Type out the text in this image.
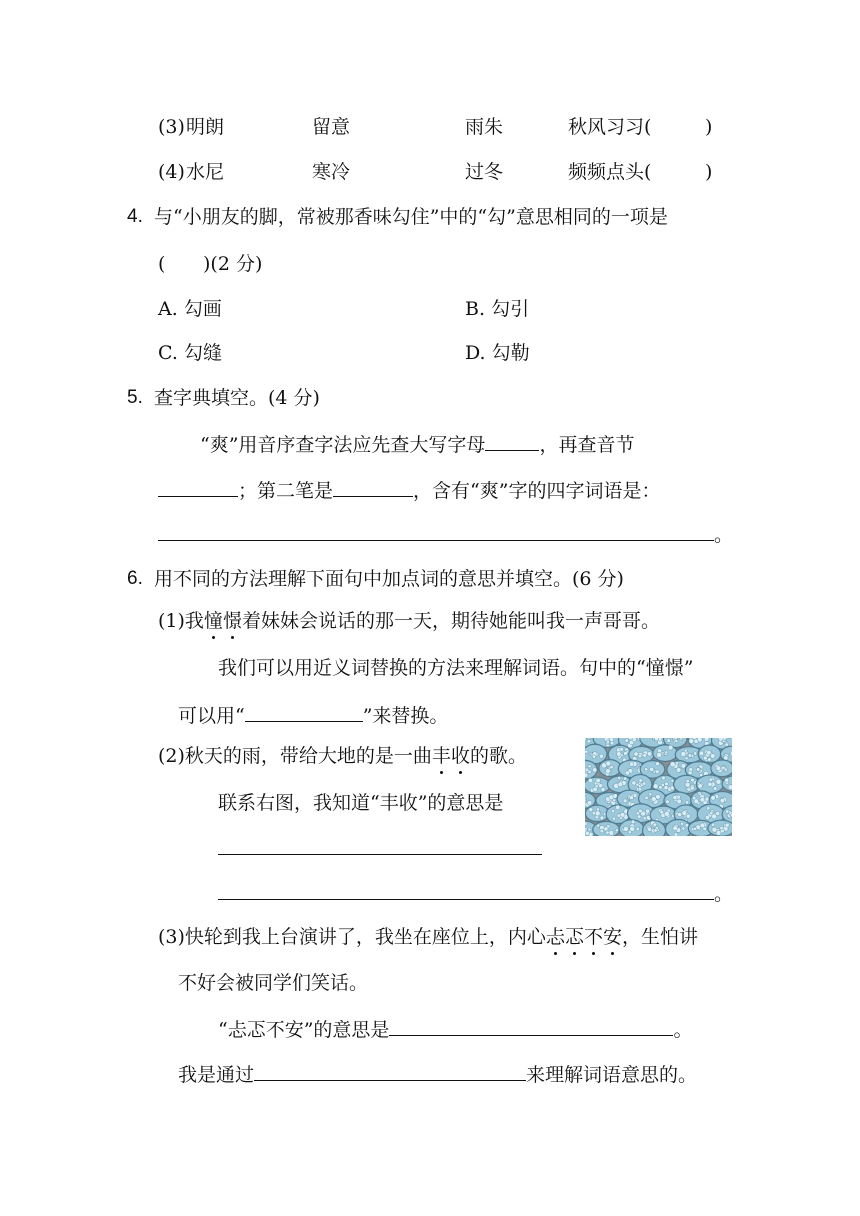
(3) 明朗	留意	雨朱	秋风习习(	)
(4) 水尼	寒冷	过冬	频频点头(	)
4. 与“小朋友的脚，常被那香味勾住”中的“勾”意思相同的一项是
( )(2 分)
A. 勾画	B. 勾引
C. 勾缝	D. 勾勒
5. 查字典填空。(4 分)
“爽”用音序查字法应先查大写字母	，再查音节
；第二笔是	，含有“爽”字的四字词语是：
。
6. 用不同的方法理解下面句中加点词的意思并填空。(6 分)
(1)我憧憬着妹妹会说话的那一天，期待她能叫我一声哥哥。
我们可以用近义词替换的方法来理解词语。句中的“憧憬”
可以用“	”来替换。
(2)秋天的雨，带给大地的是一曲丰收的歌。
联系右图，我知道“丰收”的意思是
。
(3)快轮到我上台演讲了，我坐在座位上，内心忐忑不安，生怕讲
不好会被同学们笑话。
“忐忑不安”的意思是	。
我是通过	来理解词语意思的。
